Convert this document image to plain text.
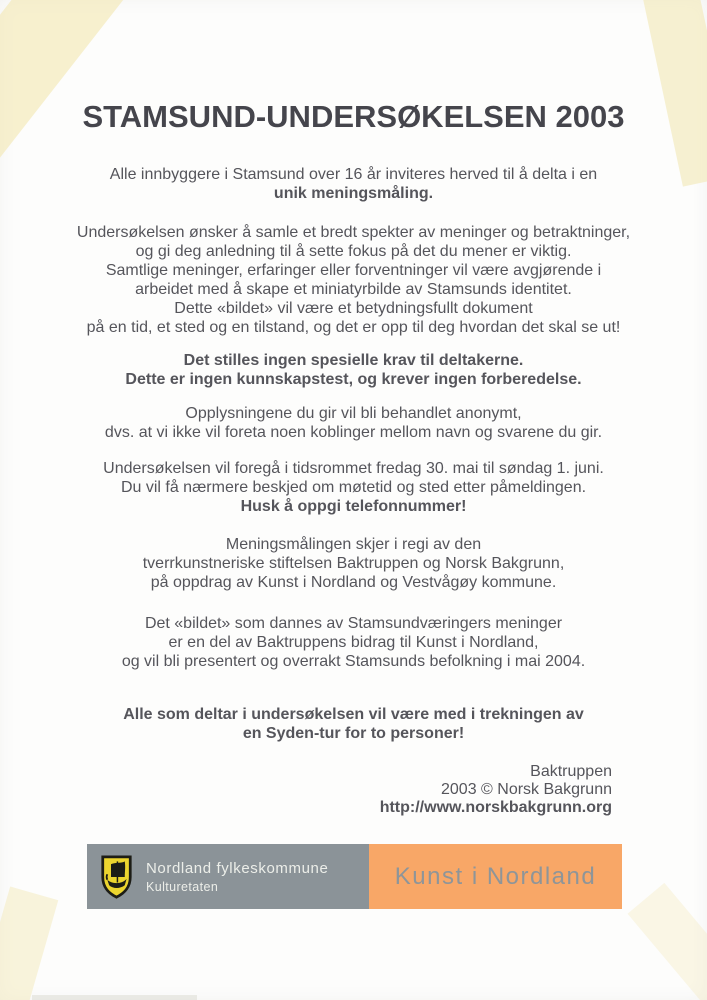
STAMSUND-UNDERSØKELSEN 2003

Alle innbyggere i Stamsund over 16 år inviteres herved til å delta i en
unik meningsmåling.

Undersøkelsen ønsker å samle et bredt spekter av meninger og betraktninger,
og gi deg anledning til å sette fokus på det du mener er viktig.
Samtlige meninger, erfaringer eller forventninger vil være avgjørende i
arbeidet med å skape et miniatyrbilde av Stamsunds identitet.
Dette «bildet» vil være et betydningsfullt dokument
på en tid, et sted og en tilstand, og det er opp til deg hvordan det skal se ut!

Det stilles ingen spesielle krav til deltakerne.
Dette er ingen kunnskapstest, og krever ingen forberedelse.

Opplysningene du gir vil bli behandlet anonymt,
dvs. at vi ikke vil foreta noen koblinger mellom navn og svarene du gir.

Undersøkelsen vil foregå i tidsrommet fredag 30. mai til søndag 1. juni.
Du vil få nærmere beskjed om møtetid og sted etter påmeldingen.
Husk å oppgi telefonnummer!

Meningsmålingen skjer i regi av den
tverrkunstneriske stiftelsen Baktruppen og Norsk Bakgrunn,
på oppdrag av Kunst i Nordland og Vestvågøy kommune.

Det «bildet» som dannes av Stamsundværingers meninger
er en del av Baktruppens bidrag til Kunst i Nordland,
og vil bli presentert og overrakt Stamsunds befolkning i mai 2004.

Alle som deltar i undersøkelsen vil være med i trekningen av
en Syden-tur for to personer!

Baktruppen
2003 © Norsk Bakgrunn
http://www.norskbakgrunn.org
Nordland fylkeskommune
Kulturetaten	Kunst i Nordland
